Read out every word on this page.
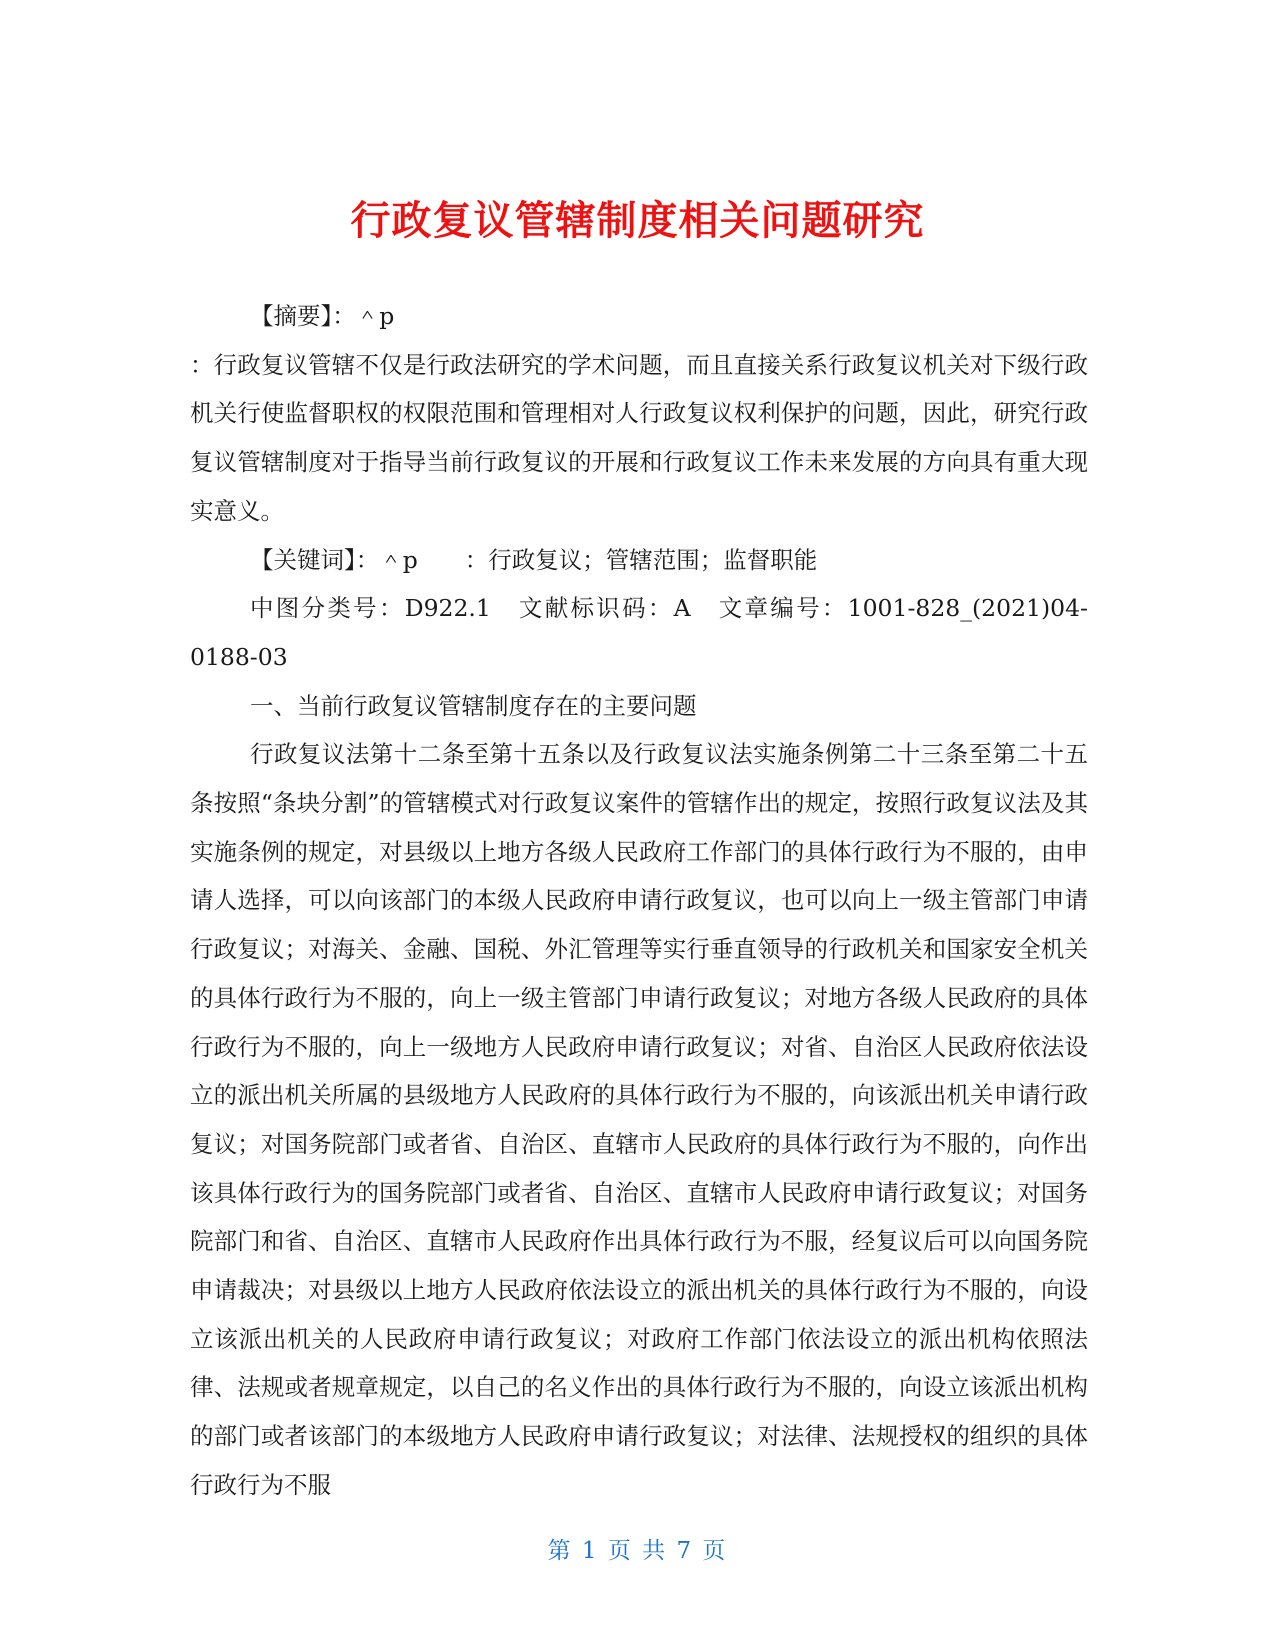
行政复议管辖制度相关问题研究

【摘要】：＾p

：行政复议管辖不仅是行政法研究的学术问题，而且直接关系行政复议机关对下级行政机关行使监督职权的权限范围和管理相对人行政复议权利保护的问题，因此，研究行政复议管辖制度对于指导当前行政复议的开展和行政复议工作未来发展的方向具有重大现实意义。

【关键词】：＾p　　：行政复议；管辖范围；监督职能

中图分类号：D922.1　文献标识码：A　文章编号：1001-828_(2021)04-0188-03

一、当前行政复议管辖制度存在的主要问题

行政复议法第十二条至第十五条以及行政复议法实施条例第二十三条至第二十五条按照“条块分割”的管辖模式对行政复议案件的管辖作出的规定，按照行政复议法及其实施条例的规定，对县级以上地方各级人民政府工作部门的具体行政行为不服的，由申请人选择，可以向该部门的本级人民政府申请行政复议，也可以向上一级主管部门申请行政复议；对海关、金融、国税、外汇管理等实行垂直领导的行政机关和国家安全机关的具体行政行为不服的，向上一级主管部门申请行政复议；对地方各级人民政府的具体行政行为不服的，向上一级地方人民政府申请行政复议；对省、自治区人民政府依法设立的派出机关所属的县级地方人民政府的具体行政行为不服的，向该派出机关申请行政复议；对国务院部门或者省、自治区、直辖市人民政府的具体行政行为不服的，向作出该具体行政行为的国务院部门或者省、自治区、直辖市人民政府申请行政复议；对国务院部门和省、自治区、直辖市人民政府作出具体行政行为不服，经复议后可以向国务院申请裁决；对县级以上地方人民政府依法设立的派出机关的具体行政行为不服的，向设立该派出机关的人民政府申请行政复议；对政府工作部门依法设立的派出机构依照法律、法规或者规章规定，以自己的名义作出的具体行政行为不服的，向设立该派出机构的部门或者该部门的本级地方人民政府申请行政复议；对法律、法规授权的组织的具体行政行为不服

第 1 页 共 7 页
